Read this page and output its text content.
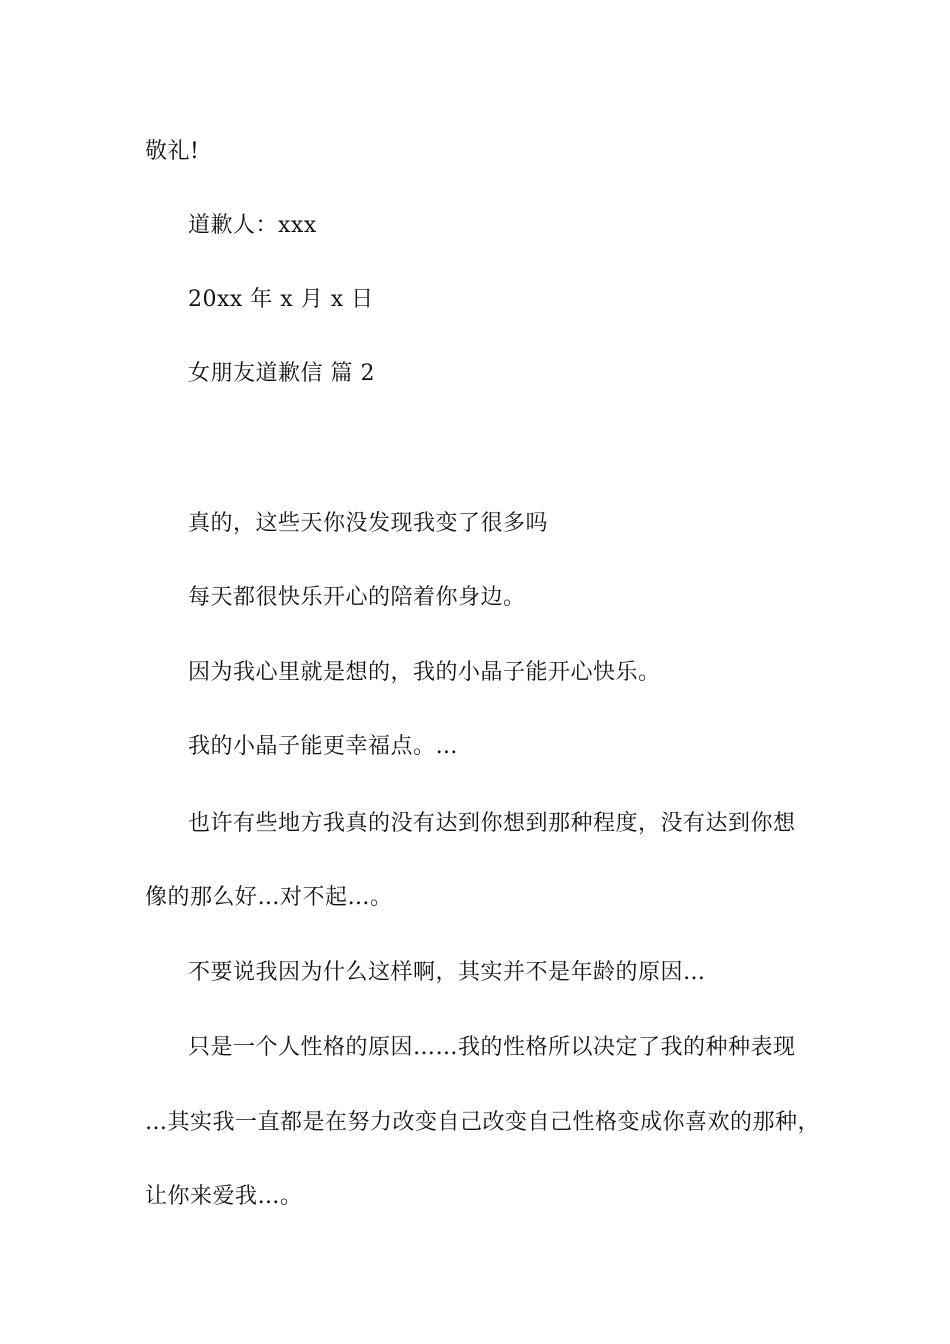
敬礼!
道歉人：xxx
20xx 年 x 月 x 日
女朋友道歉信 篇 2
真的，这些天你没发现我变了很多吗
每天都很快乐开心的陪着你身边。
因为我心里就是想的，我的小晶子能开心快乐。
我的小晶子能更幸福点。…
也许有些地方我真的没有达到你想到那种程度，没有达到你想
像的那么好…对不起…。
不要说我因为什么这样啊，其实并不是年龄的原因…
只是一个人性格的原因……我的性格所以决定了我的种种表现
…其实我一直都是在努力改变自己改变自己性格变成你喜欢的那种，
让你来爱我…。
